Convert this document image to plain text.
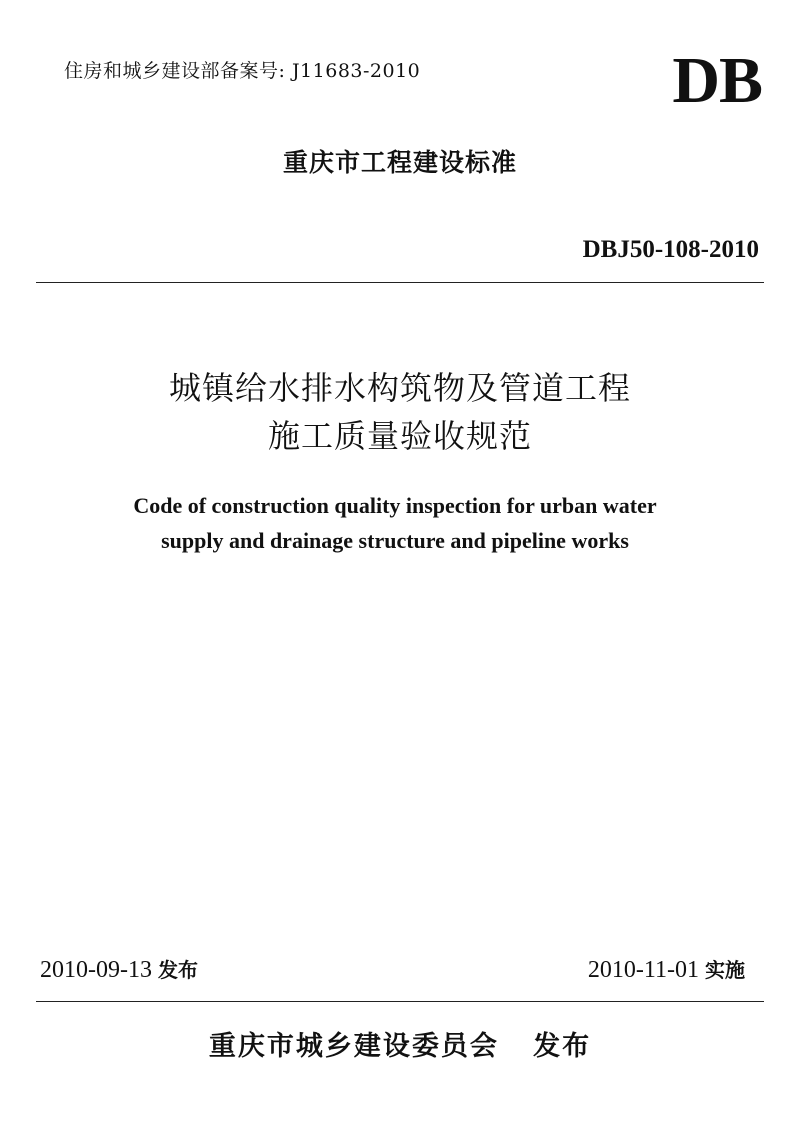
住房和城乡建设部备案号: J11683-2010	DB
重庆市工程建设标准
DBJ50-108-2010
城镇给水排水构筑物及管道工程
施工质量验收规范
Code of construction quality inspection for urban water
supply and drainage structure and pipeline works
2010-09-13 发布	2010-11-01 实施
重庆市城乡建设委员会 发布
